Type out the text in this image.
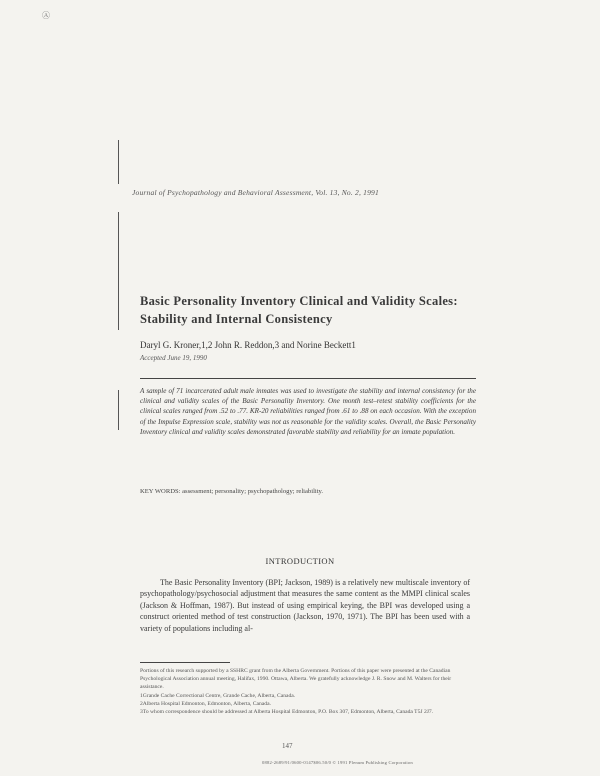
Ⓐ
Journal of Psychopathology and Behavioral Assessment, Vol. 13, No. 2, 1991
Basic Personality Inventory Clinical and Validity Scales: Stability and Internal Consistency
Daryl G. Kroner,1,2 John R. Reddon,3 and Norine Beckett1
Accepted June 19, 1990
A sample of 71 incarcerated adult male inmates was used to investigate the stability and internal consistency for the clinical and validity scales of the Basic Personality Inventory. One month test–retest stability coefficients for the clinical scales ranged from .52 to .77. KR-20 reliabilities ranged from .61 to .88 on each occasion. With the exception of the Impulse Expression scale, stability was not as reasonable for the validity scales. Overall, the Basic Personality Inventory clinical and validity scales demonstrated favorable stability and reliability for an inmate population.
KEY WORDS: assessment; personality; psychopathology; reliability.
INTRODUCTION
The Basic Personality Inventory (BPI; Jackson, 1989) is a relatively new multiscale inventory of psychopathology/psychosocial adjustment that measures the same content as the MMPI clinical scales (Jackson & Hoffman, 1987). But instead of using empirical keying, the BPI was developed using a construct oriented method of test construction (Jackson, 1970, 1971). The BPI has been used with a variety of populations including al-

Portions of this research supported by a SSHRC grant from the Alberta Government. Portions of this paper were presented at the Canadian Psychological Association annual meeting, Halifax, 1990. Ottawa, Alberta. We gratefully acknowledge J. R. Snow and M. Walters for their assistance.

1Grande Cache Correctional Centre, Grande Cache, Alberta, Canada.

2Alberta Hospital Edmonton, Edmonton, Alberta, Canada.

3To whom correspondence should be addressed at Alberta Hospital Edmonton, P.O. Box 307, Edmonton, Alberta, Canada T5J 2J7.

147
0882-2689/91/0600-0147$06.50/0 © 1991 Plenum Publishing Corporation
